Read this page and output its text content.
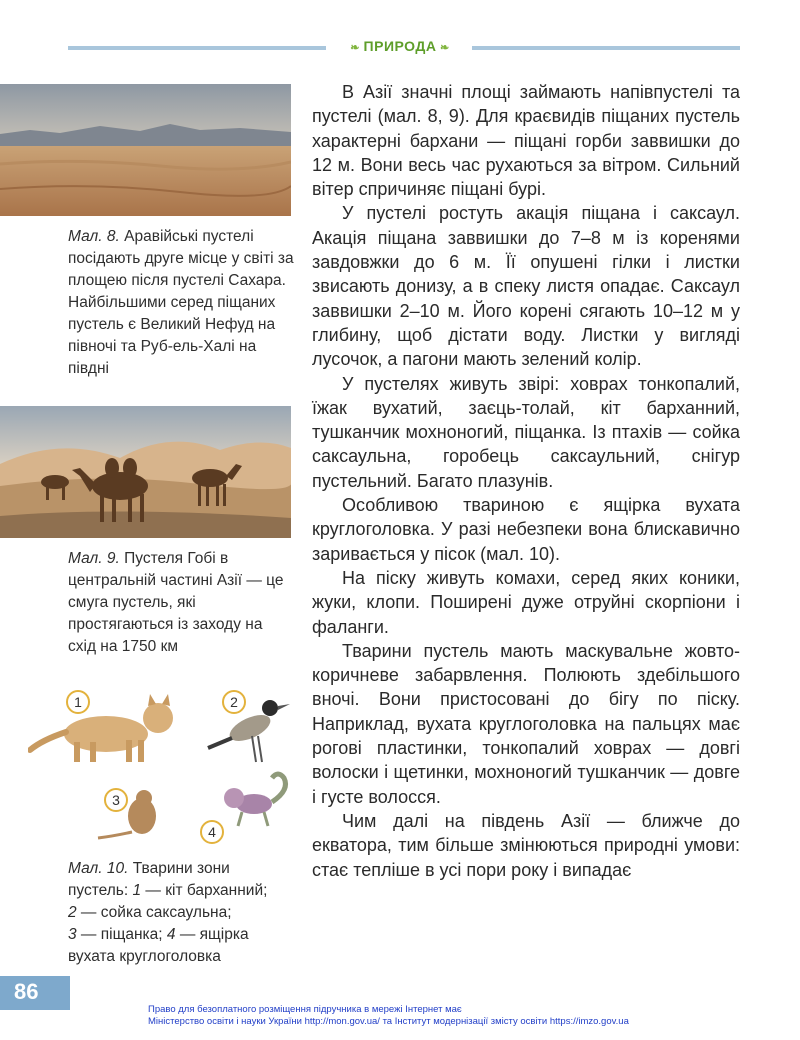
❧ ПРИРОДА ❧
Мал. 8. Аравійські пустелі посідають друге місце у світі за площею після пустелі Сахара. Найбільшими серед піщаних пустель є Великий Нефуд на півночі та Руб-ель-Халі на півдні
Мал. 9. Пустеля Гобі в центральній частині Азії — це смуга пустель, які простягаються із заходу на схід на 1750 км
1	2
3
4
Мал. 10. Тварини зони пустель: 1 — кіт барханний;
2 — сойка саксаульна;
3 — піщанка; 4 — ящірка вухата круглоголовка

В Азії значні площі займають напівпустелі та пустелі (мал. 8, 9). Для краєвидів піщаних пустель характерні бархани — піщані горби заввишки до 12 м. Вони весь час рухаються за вітром. Сильний вітер спричиняє піщані бурі.

У пустелі ростуть акація піщана і саксаул. Акація піщана заввишки до 7–8 м із коренями завдовжки до 6 м. Її опушені гілки і листки звисають донизу, а в спеку листя опадає. Саксаул заввишки 2–10 м. Його корені сягають 10–12 м у глибину, щоб дістати воду. Листки у вигляді лусочок, а пагони мають зелений колір.

У пустелях живуть звірі: ховрах тонкопалий, їжак вухатий, заєць-толай, кіт барханний, тушканчик мохноногий, піщанка. Із птахів — сойка саксаульна, горобець саксаульний, снігур пустельний. Багато плазунів.

Особливою твариною є ящірка вухата круглоголовка. У разі небезпеки вона блискавично заривається у пісок (мал. 10).

На піску живуть комахи, серед яких коники, жуки, клопи. Поширені дуже отруйні скорпіони і фаланги.

Тварини пустель мають маскувальне жовто-коричневе забарвлення. Полюють здебільшого вночі. Вони пристосовані до бігу по піску. Наприклад, вухата круглоголовка на пальцях має рогові пластинки, тонкопалий ховрах — довгі волоски і щетинки, мохноногий тушканчик — довге і густе волосся.

Чим далі на південь Азії — ближче до екватора, тим більше змінюються природні умови: стає тепліше в усі пори року і випадає

86
Право для безоплатного розміщення підручника в мережі Інтернет має
Міністерство освіти і науки України http://mon.gov.ua/ та Інститут модернізації змісту освіти https://imzo.gov.ua
